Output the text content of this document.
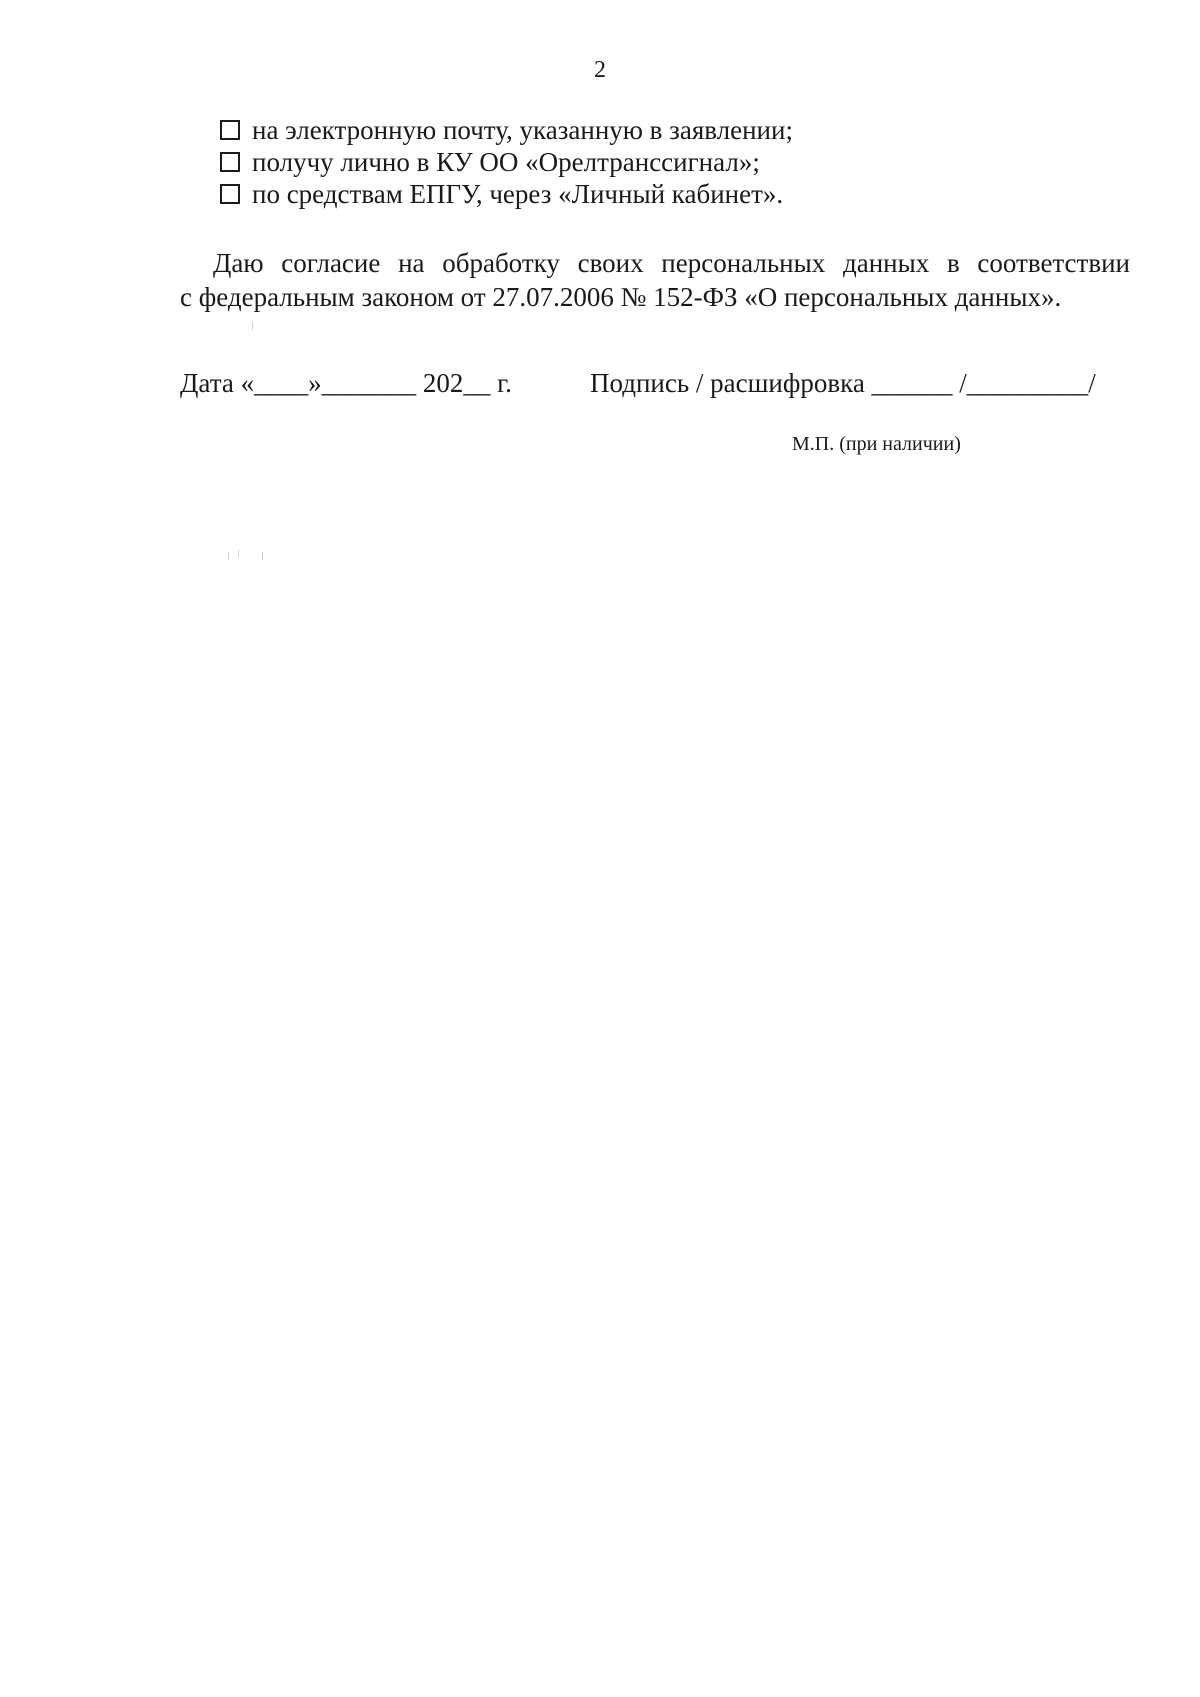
2
на электронную почту, указанную в заявлении;
получу лично в КУ ОО «Орелтранссигнал»;
по средствам ЕПГУ, через «Личный кабинет».
Даю согласие на обработку своих персональных данных в соответствии
с федеральным законом от 27.07.2006 № 152-ФЗ «О персональных данных».
Дата «____»_______ 202__ г.	Подпись / расшифровка ______ /_________/
М.П. (при наличии)
